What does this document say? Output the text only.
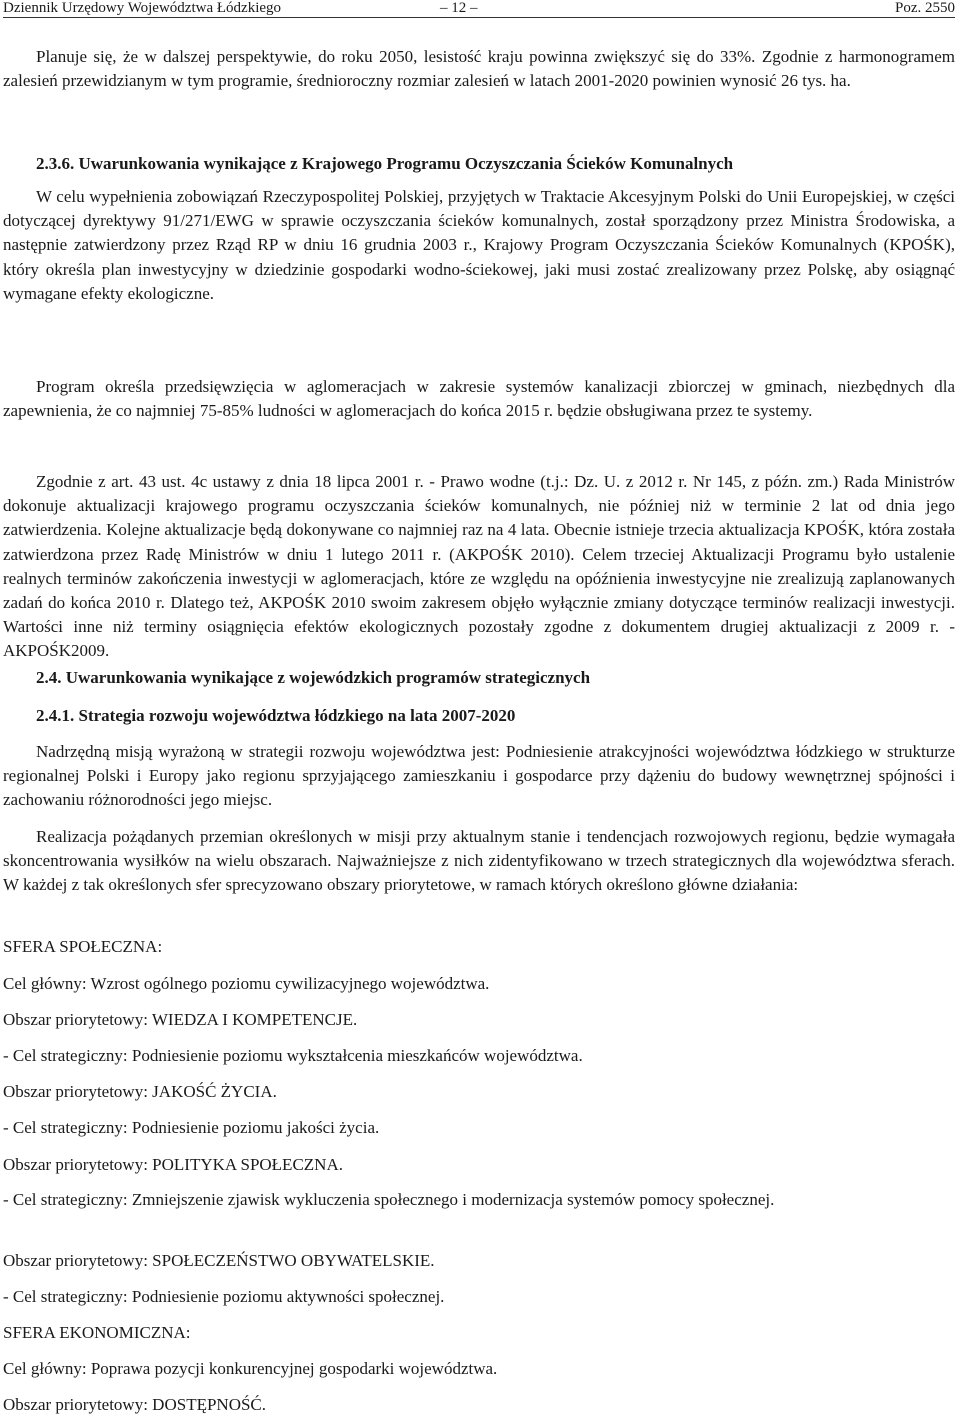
Dziennik Urzędowy Województwa Łódzkiego	– 12 –	Poz. 2550

Planuje się, że w dalszej perspektywie, do roku 2050, lesistość kraju powinna zwiększyć się do 33%. Zgodnie z harmonogramem zalesień przewidzianym w tym programie, średnioroczny rozmiar zalesień w latach 2001-2020 powinien wynosić 26 tys. ha.

2.3.6. Uwarunkowania wynikające z Krajowego Programu Oczyszczania Ścieków Komunalnych

W celu wypełnienia zobowiązań Rzeczypospolitej Polskiej, przyjętych w Traktacie Akcesyjnym Polski do Unii Europejskiej, w części dotyczącej dyrektywy 91/271/EWG w sprawie oczyszczania ścieków komunalnych, został sporządzony przez Ministra Środowiska, a następnie zatwierdzony przez Rząd RP w dniu 16 grudnia 2003 r., Krajowy Program Oczyszczania Ścieków Komunalnych (KPOŚK), który określa plan inwestycyjny w dziedzinie gospodarki wodno-ściekowej, jaki musi zostać zrealizowany przez Polskę, aby osiągnąć wymagane efekty ekologiczne.

Program określa przedsięwzięcia w aglomeracjach w zakresie systemów kanalizacji zbiorczej w gminach, niezbędnych dla zapewnienia, że co najmniej 75-85% ludności w aglomeracjach do końca 2015 r. będzie obsługiwana przez te systemy.

Zgodnie z art. 43 ust. 4c ustawy z dnia 18 lipca 2001 r. - Prawo wodne (t.j.: Dz. U. z 2012 r. Nr 145, z późn. zm.) Rada Ministrów dokonuje aktualizacji krajowego programu oczyszczania ścieków komunalnych, nie później niż w terminie 2 lat od dnia jego zatwierdzenia. Kolejne aktualizacje będą dokonywane co najmniej raz na 4 lata. Obecnie istnieje trzecia aktualizacja KPOŚK, która została zatwierdzona przez Radę Ministrów w dniu 1 lutego 2011 r. (AKPOŚK 2010). Celem trzeciej Aktualizacji Programu było ustalenie realnych terminów zakończenia inwestycji w aglomeracjach, które ze względu na opóźnienia inwestycyjne nie zrealizują zaplanowanych zadań do końca 2010 r. Dlatego też, AKPOŚK 2010 swoim zakresem objęło wyłącznie zmiany dotyczące terminów realizacji inwestycji. Wartości inne niż terminy osiągnięcia efektów ekologicznych pozostały zgodne z dokumentem drugiej aktualizacji z 2009 r. - AKPOŚK2009.

2.4. Uwarunkowania wynikające z wojewódzkich programów strategicznych

2.4.1. Strategia rozwoju województwa łódzkiego na lata 2007-2020

Nadrzędną misją wyrażoną w strategii rozwoju województwa jest: Podniesienie atrakcyjności województwa łódzkiego w strukturze regionalnej Polski i Europy jako regionu sprzyjającego zamieszkaniu i gospodarce przy dążeniu do budowy wewnętrznej spójności i zachowaniu różnorodności jego miejsc.

Realizacja pożądanych przemian określonych w misji przy aktualnym stanie i tendencjach rozwojowych regionu, będzie wymagała skoncentrowania wysiłków na wielu obszarach. Najważniejsze z nich zidentyfikowano w trzech strategicznych dla województwa sferach. W każdej z tak określonych sfer sprecyzowano obszary priorytetowe, w ramach których określono główne działania:

SFERA SPOŁECZNA:

Cel główny: Wzrost ogólnego poziomu cywilizacyjnego województwa.

Obszar priorytetowy: WIEDZA I KOMPETENCJE.

- Cel strategiczny: Podniesienie poziomu wykształcenia mieszkańców województwa.

Obszar priorytetowy: JAKOŚĆ ŻYCIA.

- Cel strategiczny: Podniesienie poziomu jakości życia.

Obszar priorytetowy: POLITYKA SPOŁECZNA.

- Cel strategiczny: Zmniejszenie zjawisk wykluczenia społecznego i modernizacja systemów pomocy społecznej.

Obszar priorytetowy: SPOŁECZEŃSTWO OBYWATELSKIE.

- Cel strategiczny: Podniesienie poziomu aktywności społecznej.

SFERA EKONOMICZNA:

Cel główny: Poprawa pozycji konkurencyjnej gospodarki województwa.

Obszar priorytetowy: DOSTĘPNOŚĆ.
